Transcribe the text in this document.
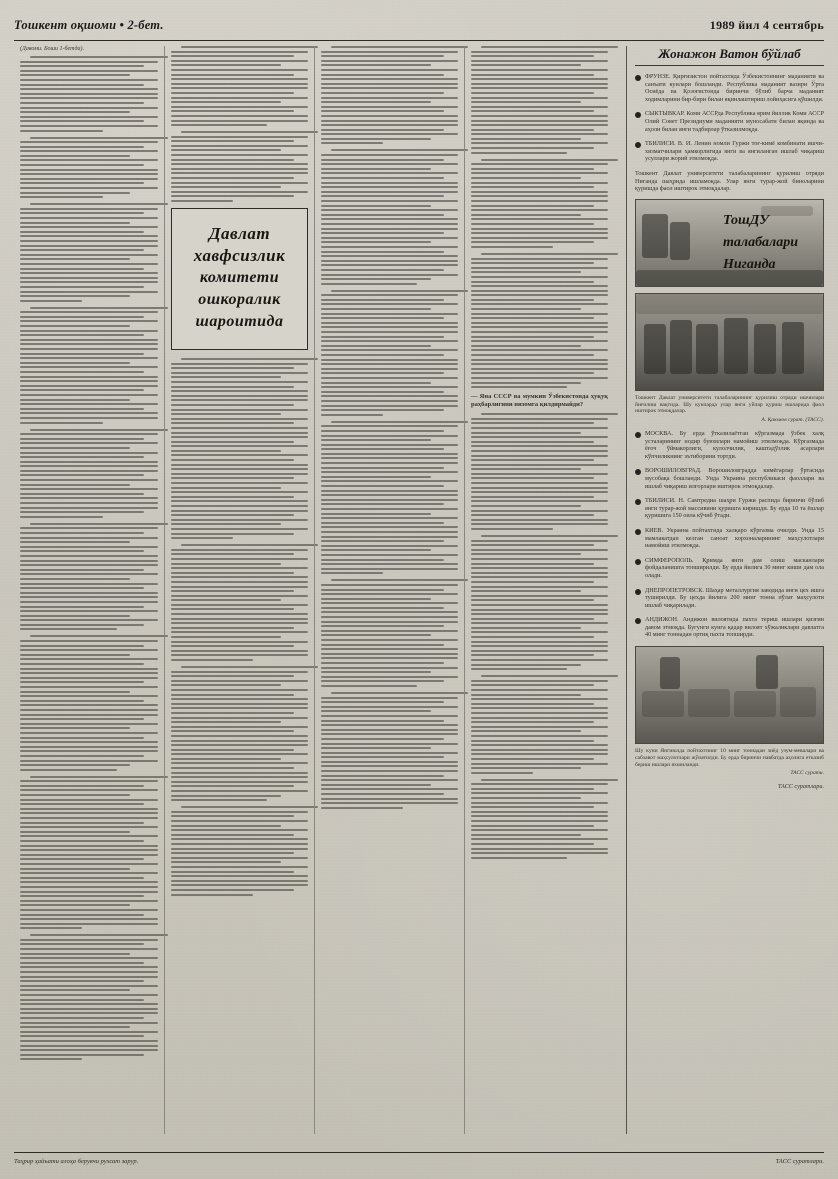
Тошкент оқшоми • 2-бет.	1989 йил 4 сентябрь
(Давоми. Боши 1-бетда).
Давлат хавфсизлик
комитети
ошкоралик
шароитида
— Яна СССР ва мумкин Ўзбекистонда ҳуқуқ раҳбарлигини низомга қилдирмайди?
Жонажон Ватон бўйлаб
ФРУНЗЕ. Қирғизистон пойтахтида Ўзбекистоннинг маданияти ва санъати кунлари бошланди. Республика маданият вазири Ўрта Осиёда ва Қозоғистонда биринчи бўлиб барча маданият ходимларини бир-бири билан яқинлаштириш лойиҳасига қўшилди.
СЫКТЫВКАР. Коми АССРда Республика ярим йиллик Коми АССР Олий Совет Президиуми маданияти муносабати билан яқинда ва аҳоли билан янги тадбирлар ўтказилмоқда.
ТБИЛИСИ. В. И. Ленин номли Гуржи тоғ-кимё комбинати ишчи-хизматчилари ҳамкорлигида янги ва янгиланган ишлаб чиқариш усуллари жорий этилмоқда.
Тошкент Давлат университети талабаларининг қурилиш отряди Ниганда шаҳрида ишламоқда. Улар янги турар-жой биноларини қуришда фаол иштирок этмоқдалар.
ТошДУ
талабалари
Ниганда
Тошкент Давлат университети талабаларининг қурилиш отряди ишчилари йиғилиш вақтида. Шу кунларда улар янги уйлар қуриш ишларида фаол иштирок этмоқдалар.
А. Қаюмов сурат. (ТАСС).
МОСКВА. Бу ерда ўтказилаётган кўргазмада ўзбек халқ усталарининг нодир буюмлари намойиш этилмоқда. Кўргазмада ёғоч ўймакорлиги, кулолчилик, каштадўзлик асарлари кўпчиликнинг эътиборини тортди.
ВОРОШИЛОВГРАД. Ворошиловградда кимёгарлар ўртасида мусобақа бошланди. Унда Украина республикаси фаоллари ва ишлаб чиқариш илғорлари иштирок этмоқдалар.
ТБИЛИСИ. Н. Самтредиа шаҳри Гуржи распида биринчи бўлиб янги турар-жой массивини қуришга киришди. Бу ерда 10 та ёшлар қуришига 150 оила кўчиб ўтади.
КИЕВ. Украина пойтахтида халқаро кўргазма очилди. Унда 15 мамлакатдан келган саноат корхоналарининг маҳсулотлари намойиш этилмоқда.
СИМФЕРОПОЛЬ. Қримда янги дам олиш масканлари фойдаланишга топширилди. Бу ерда йилига 30 минг киши дам ола олади.
ДНЕПРОПЕТРОВСК. Шаҳар металлургия заводида янги цех ишга туширилди. Бу цехда йилига 200 минг тонна пўлат маҳсулоти ишлаб чиқарилади.
АНДИЖОН. Андижон вилоятида пахта териш ишлари қизғин давом этмоқда. Бугунги кунга қадар вилоят хўжаликлари давлатга 40 минг тоннадан ортиқ пахта топширди.
Шу куни Янгиюлда пойтахтнинг 10 минг тоннадан зиёд узум-мевалари ва сабзавот маҳсулотлари жўнатилди. Бу ерда биринчи навбатда аҳолига етказиб бериш ишлари яхшиланди.
ТАСС сурати.
ТАСС суратлари.
Таҳрир ҳайъати алоҳа берувчи рухсат зарур.	ТАСС суратлари.
